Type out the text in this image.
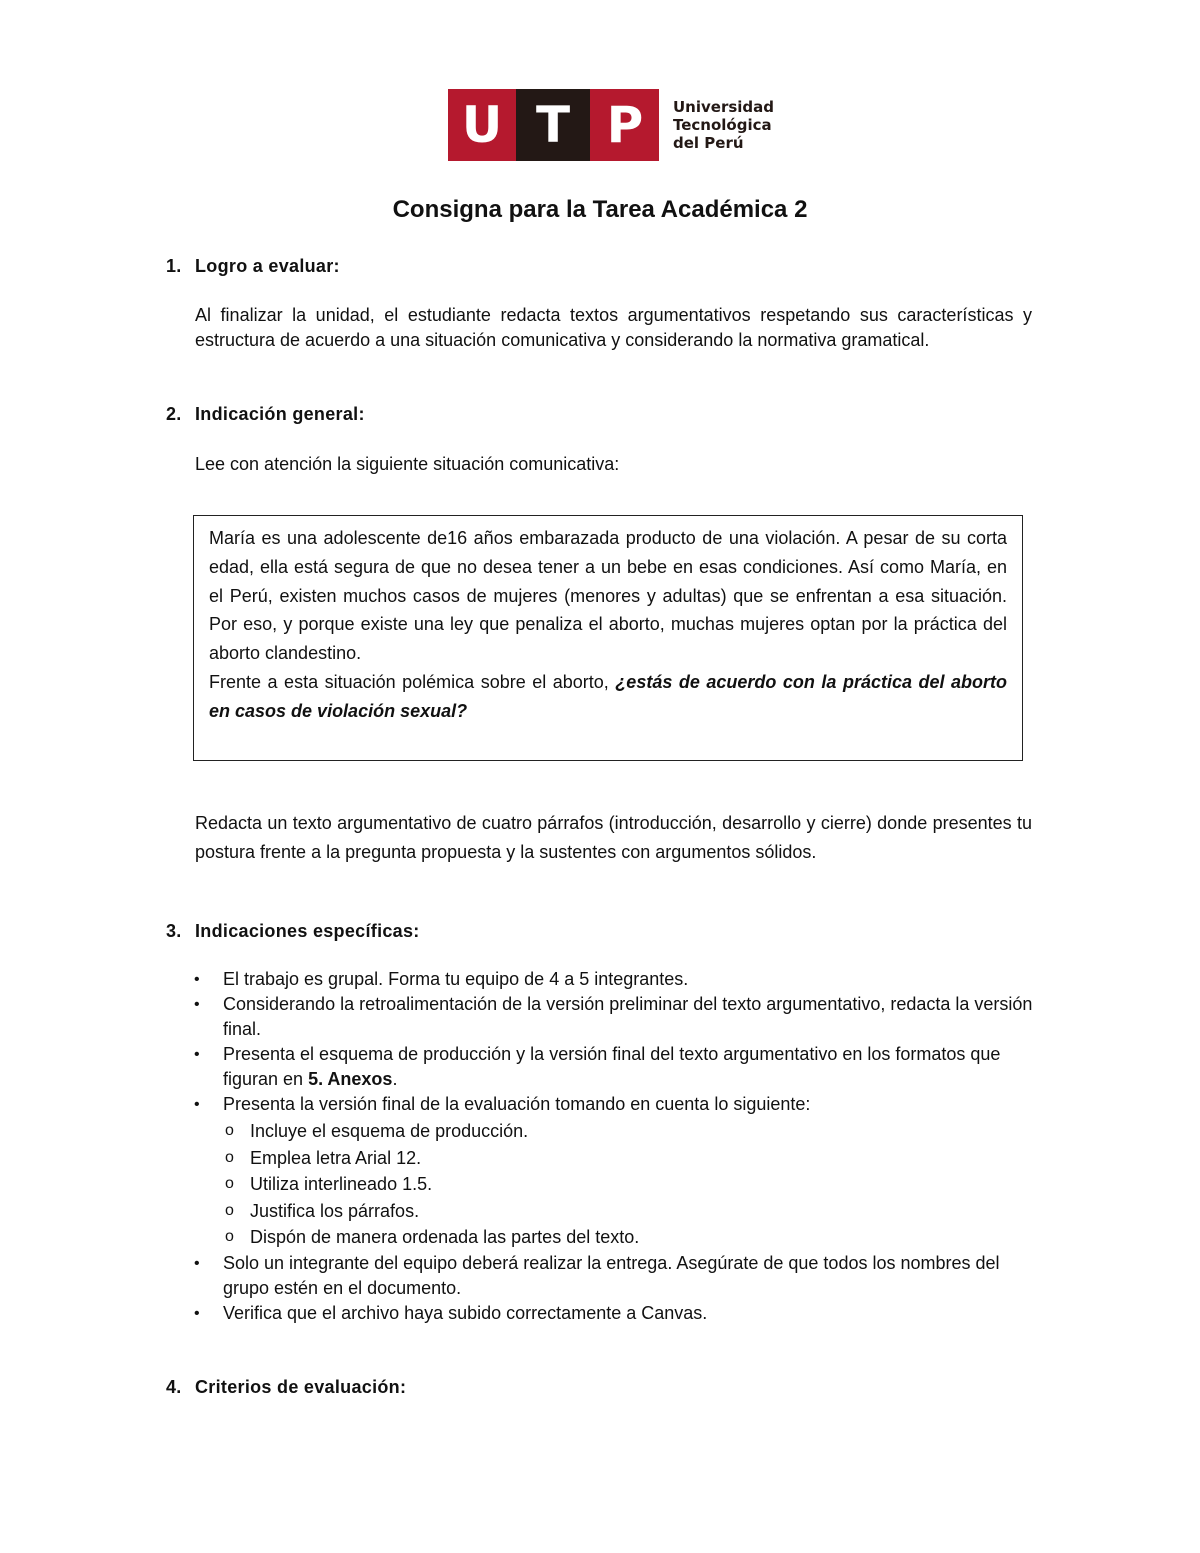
U T P	Universidad
Tecnológica
del Perú
Consigna para la Tarea Académica 2
1. Logro a evaluar:
Al finalizar la unidad, el estudiante redacta textos argumentativos respetando sus características y estructura de acuerdo a una situación comunicativa y considerando la normativa gramatical.
2. Indicación general:
Lee con atención la siguiente situación comunicativa:

María es una adolescente de16 años embarazada producto de una violación. A pesar de su corta edad, ella está segura de que no desea tener a un bebe en esas condiciones. Así como María, en el Perú, existen muchos casos de mujeres (menores y adultas) que se enfrentan a esa situación. Por eso, y porque existe una ley que penaliza el aborto, muchas mujeres optan por la práctica del aborto clandestino.

Frente a esta situación polémica sobre el aborto, ¿estás de acuerdo con la práctica del aborto en casos de violación sexual?

Redacta un texto argumentativo de cuatro párrafos (introducción, desarrollo y cierre) donde presentes tu postura frente a la pregunta propuesta y la sustentes con argumentos sólidos.
3. Indicaciones específicas:
• El trabajo es grupal. Forma tu equipo de 4 a 5 integrantes.
• Considerando la retroalimentación de la versión preliminar del texto argumentativo, redacta la versión final.
• Presenta el esquema de producción y la versión final del texto argumentativo en los formatos que figuran en 5. Anexos.
• Presenta la versión final de la evaluación tomando en cuenta lo siguiente:
o Incluye el esquema de producción.
o Emplea letra Arial 12.
o Utiliza interlineado 1.5.
o Justifica los párrafos.
o Dispón de manera ordenada las partes del texto.
• Solo un integrante del equipo deberá realizar la entrega. Asegúrate de que todos los nombres del grupo estén en el documento.
• Verifica que el archivo haya subido correctamente a Canvas.
4. Criterios de evaluación:
